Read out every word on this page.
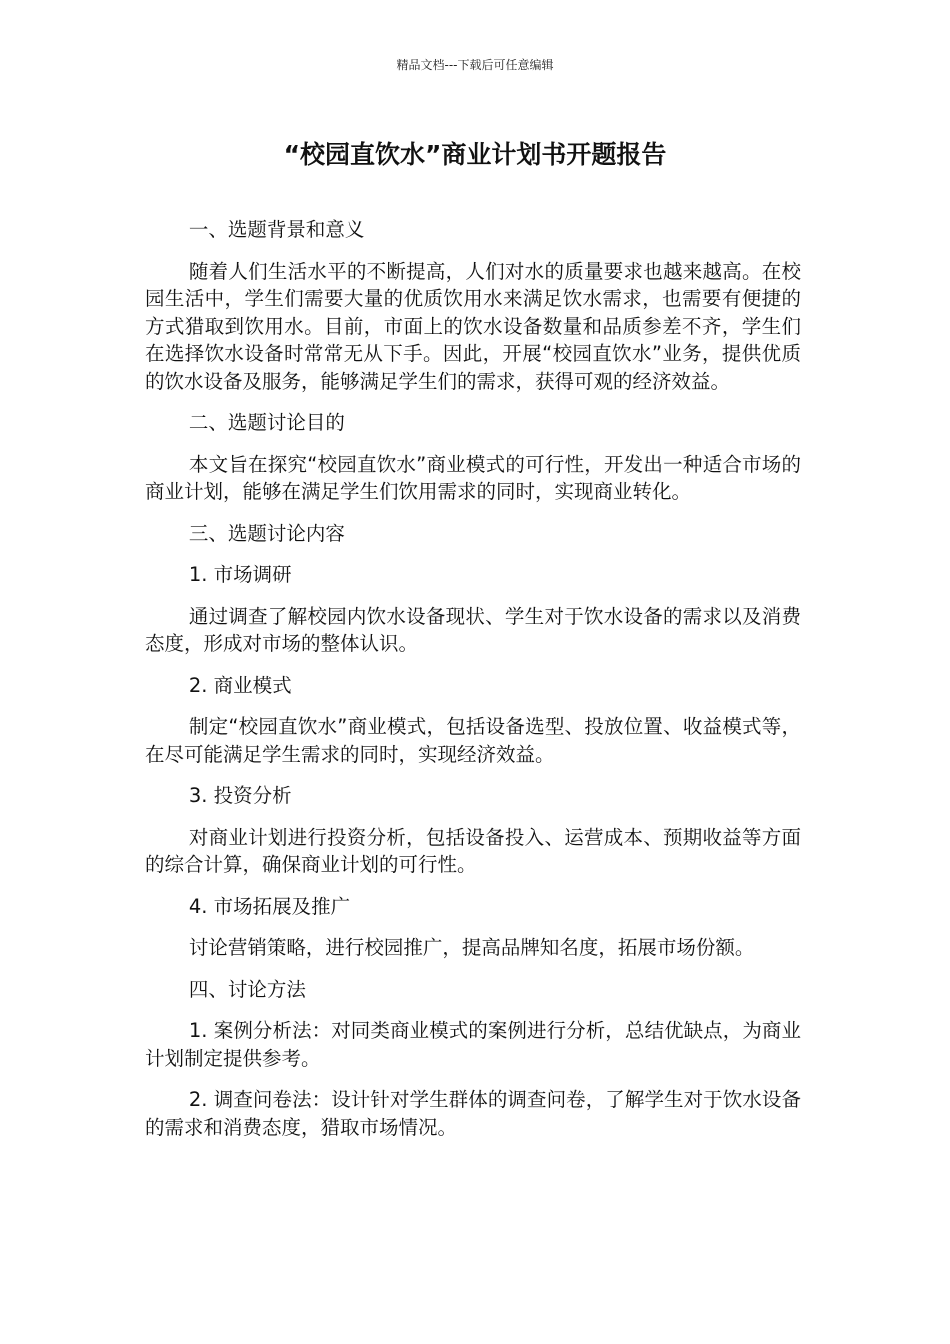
精品文档---下载后可任意编辑
“校园直饮水”商业计划书开题报告
一、选题背景和意义
随着人们生活水平的不断提高，人们对水的质量要求也越来越高。在校园生活中，学生们需要大量的优质饮用水来满足饮水需求，也需要有便捷的方式猎取到饮用水。目前，市面上的饮水设备数量和品质参差不齐，学生们在选择饮水设备时常常无从下手。因此，开展“校园直饮水”业务，提供优质的饮水设备及服务，能够满足学生们的需求，获得可观的经济效益。
二、选题讨论目的
本文旨在探究“校园直饮水”商业模式的可行性，开发出一种适合市场的商业计划，能够在满足学生们饮用需求的同时，实现商业转化。
三、选题讨论内容
1. 市场调研
通过调查了解校园内饮水设备现状、学生对于饮水设备的需求以及消费态度，形成对市场的整体认识。
2. 商业模式
制定“校园直饮水”商业模式，包括设备选型、投放位置、收益模式等，在尽可能满足学生需求的同时，实现经济效益。
3. 投资分析
对商业计划进行投资分析，包括设备投入、运营成本、预期收益等方面的综合计算，确保商业计划的可行性。
4. 市场拓展及推广
讨论营销策略，进行校园推广，提高品牌知名度，拓展市场份额。
四、讨论方法
1. 案例分析法：对同类商业模式的案例进行分析，总结优缺点，为商业计划制定提供参考。
2. 调查问卷法：设计针对学生群体的调查问卷，了解学生对于饮水设备的需求和消费态度，猎取市场情况。
